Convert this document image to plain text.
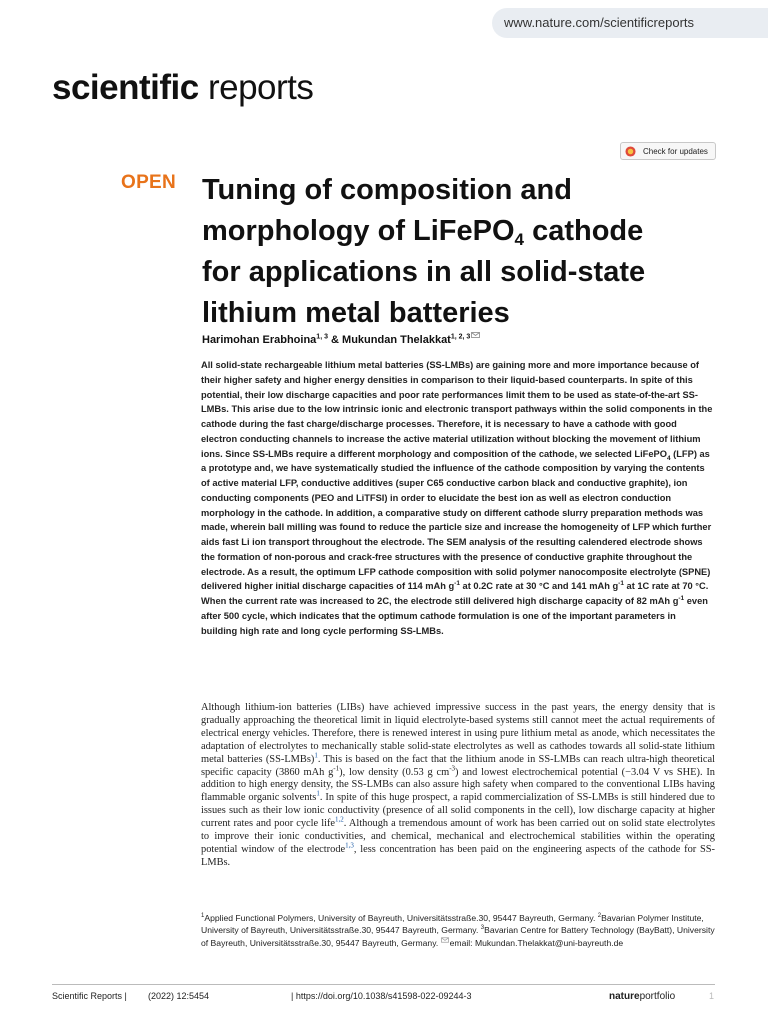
www.nature.com/scientificreports
scientific reports
Check for updates
OPEN Tuning of composition and morphology of LiFePO$_4$ cathode for applications in all solid-state lithium metal batteries
Harimohan Erabhoina$^{1, 3}$ & Mukundan Thelakkat$^{1, 2, 3}$

All solid-state rechargeable lithium metal batteries (SS-LMBs) are gaining more and more importance because of their higher safety and higher energy densities in comparison to their liquid-based counterparts. In spite of this potential, their low discharge capacities and poor rate performances limit them to be used as state-of-the-art SS-LMBs. This arise due to the low intrinsic ionic and electronic transport pathways within the solid components in the cathode during the fast charge/discharge processes. Therefore, it is necessary to have a cathode with good electron conducting channels to increase the active material utilization without blocking the movement of lithium ions. Since SS-LMBs require a different morphology and composition of the cathode, we selected LiFePO$_4$ (LFP) as a prototype and, we have systematically studied the influence of the cathode composition by varying the contents of active material LFP, conductive additives (super C65 conductive carbon black and conductive graphite), ion conducting components (PEO and LiTFSI) in order to elucidate the best ion as well as electron conduction morphology in the cathode. In addition, a comparative study on different cathode slurry preparation methods was made, wherein ball milling was found to reduce the particle size and increase the homogeneity of LFP which further aids fast Li ion transport throughout the electrode. The SEM analysis of the resulting calendered electrode shows the formation of non-porous and crack-free structures with the presence of conductive graphite throughout the electrode. As a result, the optimum LFP cathode composition with solid polymer nanocomposite electrolyte (SPNE) delivered higher initial discharge capacities of 114 mAh $g^{-1}$ at 0.2C rate at 30 °C and 141 mAh $g^{-1}$ at 1C rate at 70 °C. When the current rate was increased to 2C, the electrode still delivered high discharge capacity of 82 mAh $g^{-1}$ even after 500 cycle, which indicates that the optimum cathode formulation is one of the important parameters in building high rate and long cycle performing SS-LMBs.

Although lithium-ion batteries (LIBs) have achieved impressive success in the past years, the energy density that is gradually approaching the theoretical limit in liquid electrolyte-based systems still cannot meet the actual requirements of electrical energy vehicles. Therefore, there is renewed interest in using pure lithium metal as anode, which necessitates the adaptation of electrolytes to mechanically stable solid-state electrolytes as well as cathodes towards all solid-state lithium metal batteries (SS-LMBs)$^1$. This is based on the fact that the lithium anode in SS-LMBs can reach ultra-high theoretical specific capacity (3860 mAh $g^{-1}$), low density (0.53 g $cm^{-3}$) and lowest electrochemical potential (−3.04 V vs SHE). In addition to high energy density, the SS-LMBs can also assure high safety when compared to the conventional LIBs having flammable organic solvents$^1$. In spite of this huge prospect, a rapid commercialization of SS-LMBs is still hindered due to issues such as their low ionic conductivity (presence of all solid components in the cell), low discharge capacity at higher current rates and poor cycle life$^{1,2}$. Although a tremendous amount of work has been carried out on solid state electrolytes to improve their ionic conductivities, and chemical, mechanical and electrochemical stabilities within the operating potential window of the electrode$^{1,3}$, less concentration has been paid on the engineering aspects of the cathode for SS-LMBs.

$^1$Applied Functional Polymers, University of Bayreuth, Universitätsstraße.30, 95447 Bayreuth, Germany. $^2$Bavarian Polymer Institute, University of Bayreuth, Universitätsstraße.30, 95447 Bayreuth, Germany. $^3$Bavarian Centre for Battery Technology (BayBatt), University of Bayreuth, Universitätsstraße.30, 95447 Bayreuth, Germany. email: Mukundan.Thelakkat@uni-bayreuth.de

Scientific Reports | (2022) 12:5454	| https://doi.org/10.1038/s41598-022-09244-3	natureportfolio	1
